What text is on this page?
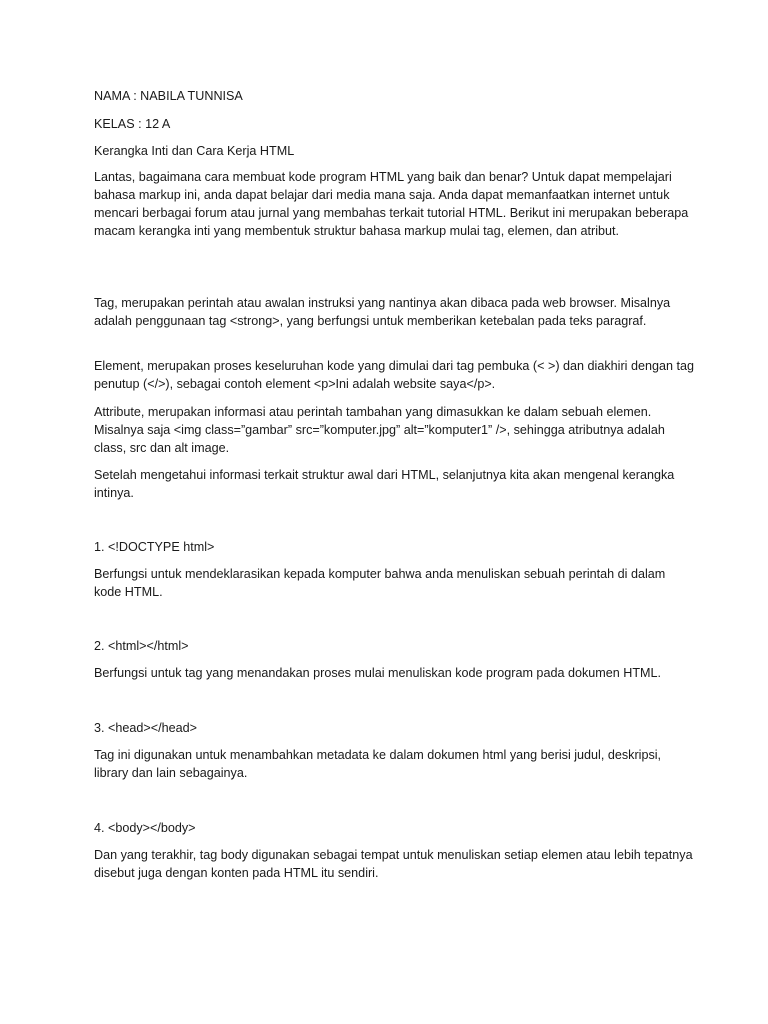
NAMA : NABILA TUNNISA

KELAS : 12 A

Kerangka Inti dan Cara Kerja HTML

Lantas, bagaimana cara membuat kode program HTML yang baik dan benar? Untuk dapat mempelajari bahasa markup ini, anda dapat belajar dari media mana saja. Anda dapat memanfaatkan internet untuk mencari berbagai forum atau jurnal yang membahas terkait tutorial HTML. Berikut ini merupakan beberapa macam kerangka inti yang membentuk struktur bahasa markup mulai tag, elemen, dan atribut.

Tag, merupakan perintah atau awalan instruksi yang nantinya akan dibaca pada web browser. Misalnya adalah penggunaan tag <strong>, yang berfungsi untuk memberikan ketebalan pada teks paragraf.

Element, merupakan proses keseluruhan kode yang dimulai dari tag pembuka (< >) dan diakhiri dengan tag penutup (</>), sebagai contoh element <p>Ini adalah website saya</p>.

Attribute, merupakan informasi atau perintah tambahan yang dimasukkan ke dalam sebuah elemen. Misalnya saja <img class=”gambar” src=”komputer.jpg” alt=”komputer1” />, sehingga atributnya adalah class, src dan alt image.

Setelah mengetahui informasi terkait struktur awal dari HTML, selanjutnya kita akan mengenal kerangka intinya.

1. <!DOCTYPE html>

Berfungsi untuk mendeklarasikan kepada komputer bahwa anda menuliskan sebuah perintah di dalam kode HTML.

2. <html></html>

Berfungsi untuk tag yang menandakan proses mulai menuliskan kode program pada dokumen HTML.

3. <head></head>

Tag ini digunakan untuk menambahkan metadata ke dalam dokumen html yang berisi judul, deskripsi, library dan lain sebagainya.

4. <body></body>

Dan yang terakhir, tag body digunakan sebagai tempat untuk menuliskan setiap elemen atau lebih tepatnya disebut juga dengan konten pada HTML itu sendiri.
